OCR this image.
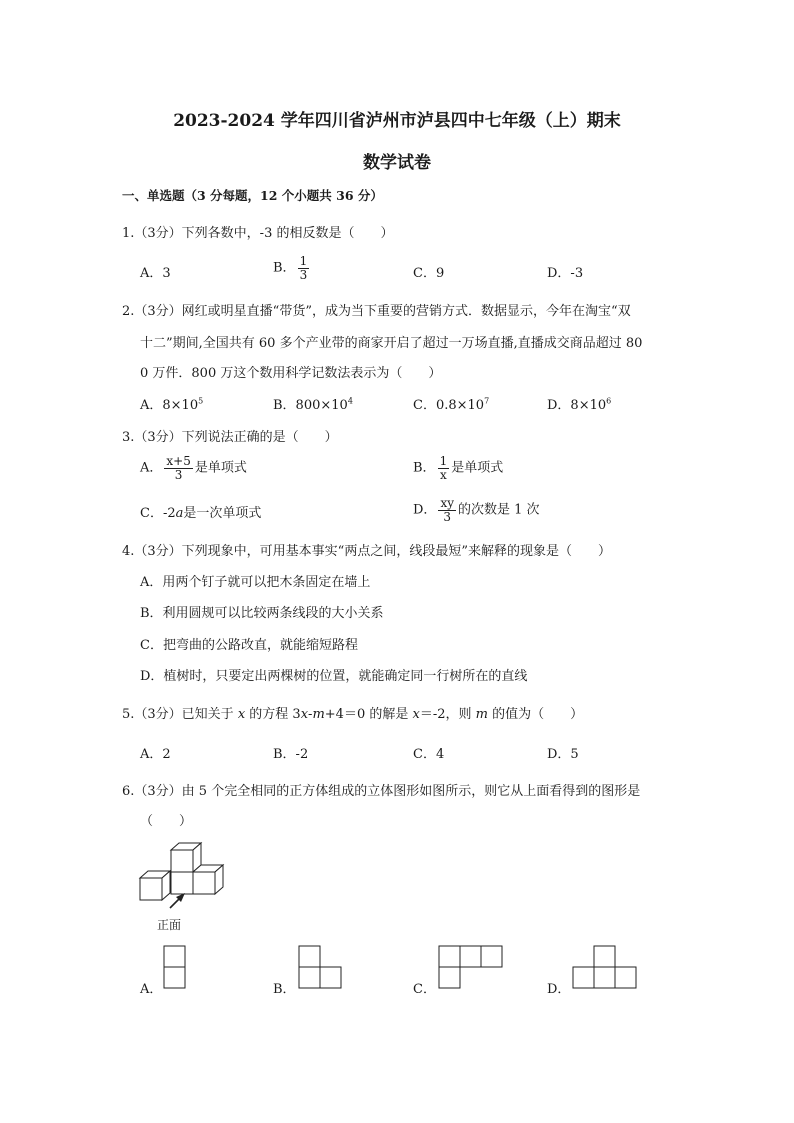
2023-2024 学年四川省泸州市泸县四中七年级（上）期末
数学试卷
一、单选题（3 分每题，12 个小题共 36 分）
1.（3分）下列各数中，-3 的相反数是（　　）
A．3	B． $\frac{1}{3}$	C．9	D．-3
2.（3分）网红或明星直播“带货”，成为当下重要的营销方式．数据显示，今年在淘宝“双
十二”期间,全国共有 60 多个产业带的商家开启了超过一万场直播,直播成交商品超过 80
0 万件．800 万这个数用科学记数法表示为（　　）
A．$8\times 10^5$	B．$800\times 10^4$	C．$0.8\times 10^7$	D．$8\times 10^6$
3.（3分）下列说法正确的是（　　）
A． $\frac{x+5}{3}$ 是单项式	B． $\frac{1}{x}$ 是单项式
C．-2a是一次单项式	D． $\frac{xy}{3}$ 的次数是 1 次
4.（3分）下列现象中，可用基本事实“两点之间，线段最短”来解释的现象是（　　）
A．用两个钉子就可以把木条固定在墙上
B．利用圆规可以比较两条线段的大小关系
C．把弯曲的公路改直，就能缩短路程
D．植树时，只要定出两棵树的位置，就能确定同一行树所在的直线
5.（3分）已知关于 x 的方程 3x-m+4＝0 的解是 x＝-2，则 m 的值为（　　）
A．2	B．-2	C．4	D．5
6.（3分）由 5 个完全相同的正方体组成的立体图形如图所示，则它从上面看得到的图形是
（　　）
正面
A．	B．	C．	D．
